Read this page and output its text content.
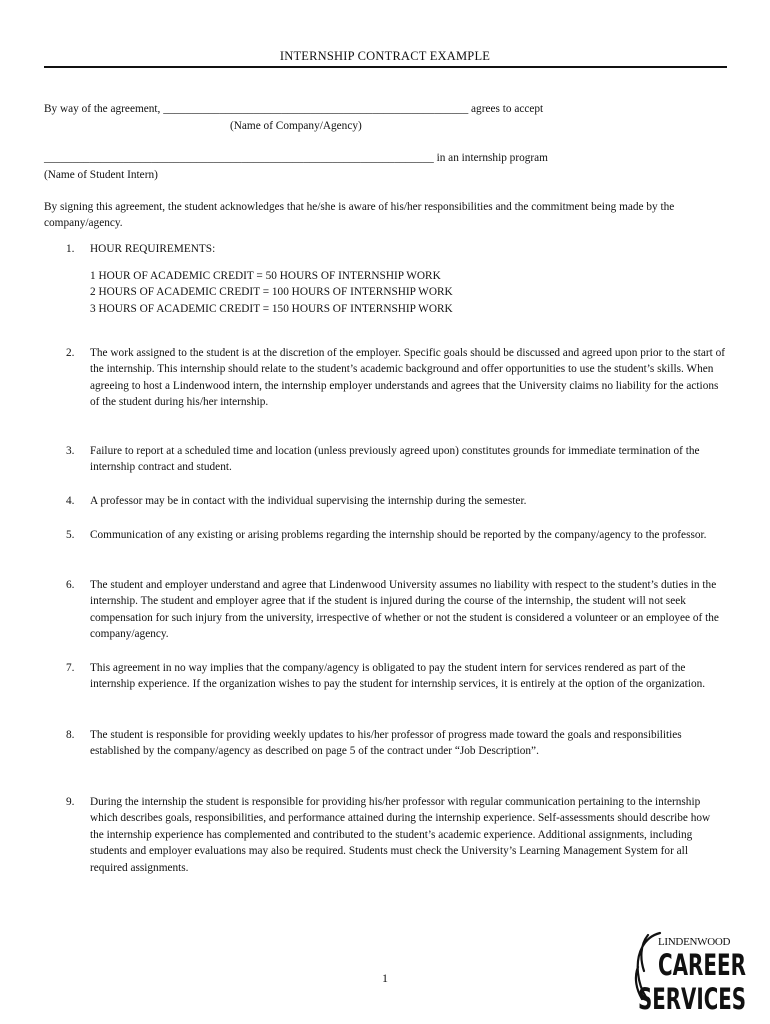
INTERNSHIP CONTRACT EXAMPLE
By way of the agreement, ______________________________________________________ agrees to accept
(Name of Company/Agency)
_____________________________________________________________________ in an internship program
(Name of Student Intern)
By signing this agreement, the student acknowledges that he/she is aware of his/her responsibilities and the commitment being made by the company/agency.
1. HOUR REQUIREMENTS:
1 HOUR OF ACADEMIC CREDIT = 50 HOURS OF INTERNSHIP WORK
2 HOURS OF ACADEMIC CREDIT = 100 HOURS OF INTERNSHIP WORK
3 HOURS OF ACADEMIC CREDIT = 150 HOURS OF INTERNSHIP WORK
2. The work assigned to the student is at the discretion of the employer. Specific goals should be discussed and agreed upon prior to the start of the internship. This internship should relate to the student’s academic background and offer opportunities to use the student’s skills. When agreeing to host a Lindenwood intern, the internship employer understands and agrees that the University claims no liability for the actions of the student during his/her internship.
3. Failure to report at a scheduled time and location (unless previously agreed upon) constitutes grounds for immediate termination of the internship contract and student.
4. A professor may be in contact with the individual supervising the internship during the semester.
5. Communication of any existing or arising problems regarding the internship should be reported by the company/agency to the professor.
6. The student and employer understand and agree that Lindenwood University assumes no liability with respect to the student’s duties in the internship. The student and employer agree that if the student is injured during the course of the internship, the student will not seek compensation for such injury from the university, irrespective of whether or not the student is considered a volunteer or an employee of the company/agency.
7. This agreement in no way implies that the company/agency is obligated to pay the student intern for services rendered as part of the internship experience. If the organization wishes to pay the student for internship services, it is entirely at the option of the organization.
8. The student is responsible for providing weekly updates to his/her professor of progress made toward the goals and responsibilities established by the company/agency as described on page 5 of the contract under “Job Description”.
9. During the internship the student is responsible for providing his/her professor with regular communication pertaining to the internship which describes goals, responsibilities, and performance attained during the internship experience. Self-assessments should describe how the internship experience has complemented and contributed to the student’s academic experience. Additional assignments, including students and employer evaluations may also be required. Students must check the University’s Learning Management System for all required assignments.
1
LINDENWOOD
CAREER
SERVICES
